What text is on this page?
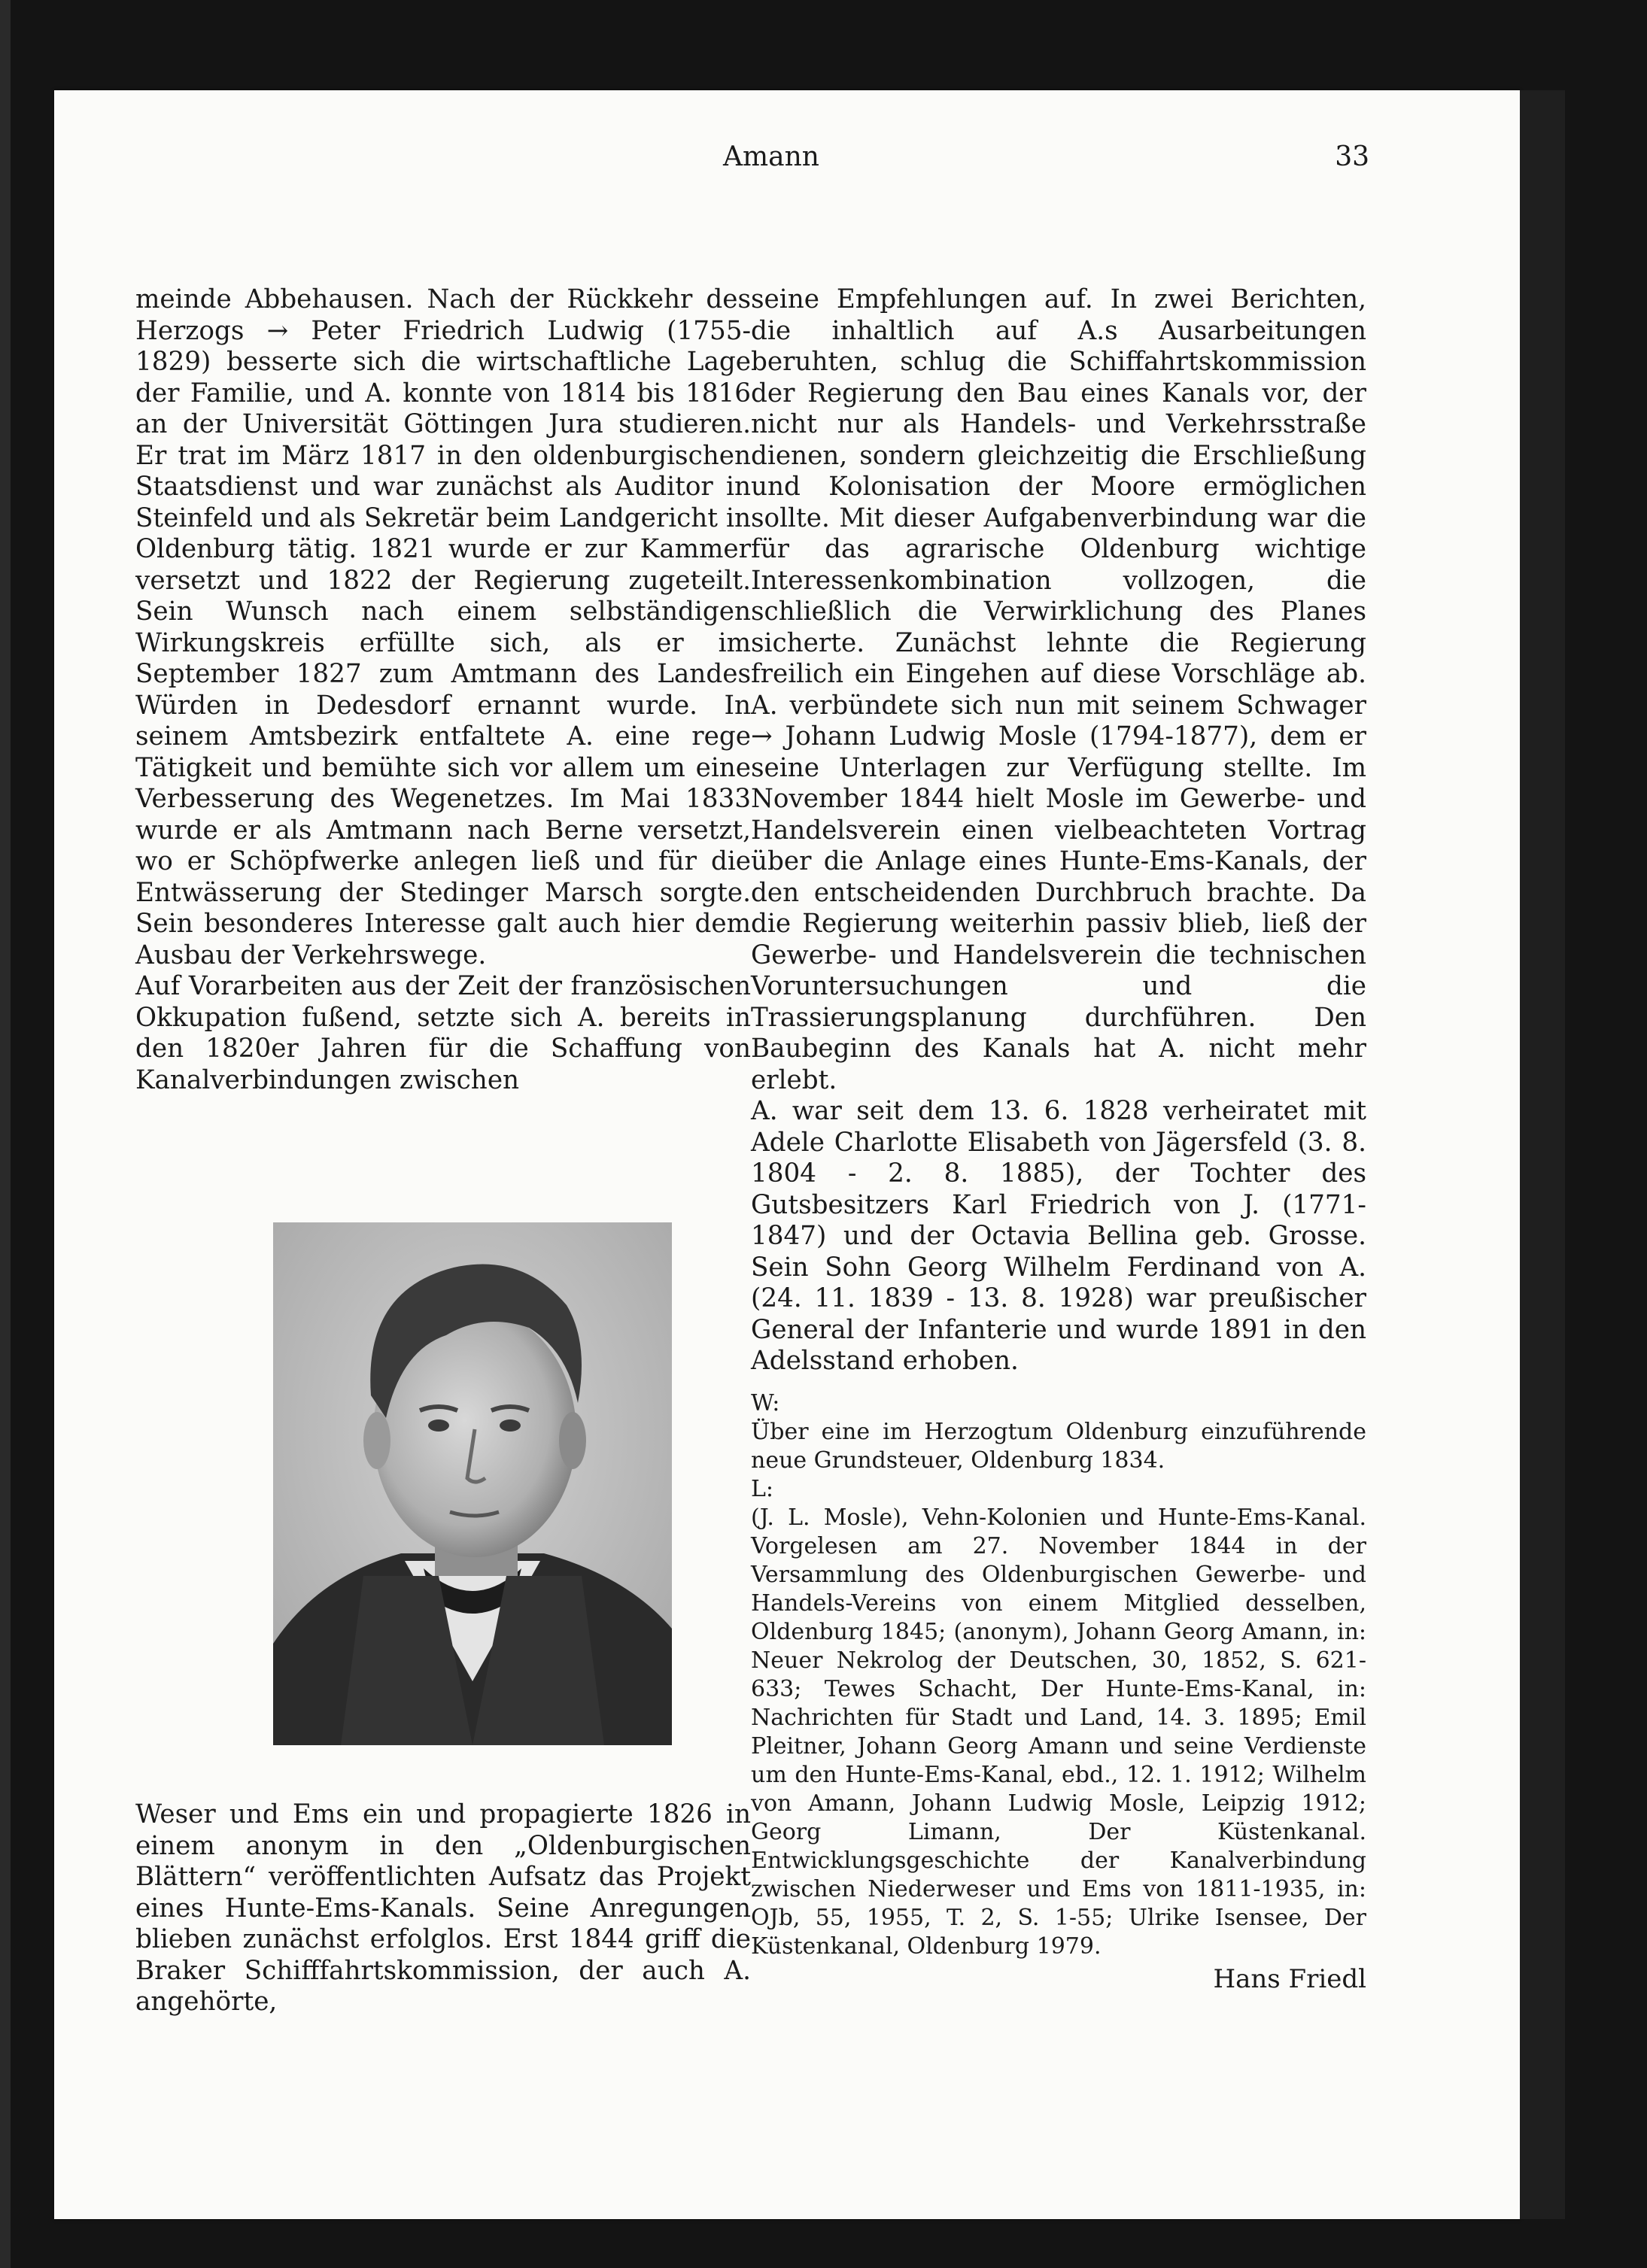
Amann	33

meinde Abbehausen. Nach der Rückkehr des Herzogs → Peter Friedrich Ludwig (1755-1829) besserte sich die wirtschaftliche Lage der Familie, und A. konnte von 1814 bis 1816 an der Universität Göttingen Jura studieren. Er trat im März 1817 in den oldenburgischen Staatsdienst und war zunächst als Auditor in Steinfeld und als Sekretär beim Landgericht in Oldenburg tätig. 1821 wurde er zur Kammer versetzt und 1822 der Regierung zugeteilt. Sein Wunsch nach einem selbständigen Wirkungskreis erfüllte sich, als er im September 1827 zum Amtmann des Landes Würden in Dedesdorf ernannt wurde. In seinem Amtsbezirk entfaltete A. eine rege Tätigkeit und bemühte sich vor allem um eine Verbesserung des Wegenetzes. Im Mai 1833 wurde er als Amtmann nach Berne versetzt, wo er Schöpfwerke anlegen ließ und für die Entwässerung der Stedinger Marsch sorgte. Sein besonderes Interesse galt auch hier dem Ausbau der Verkehrswege.

Auf Vorarbeiten aus der Zeit der französischen Okkupation fußend, setzte sich A. bereits in den 1820er Jahren für die Schaffung von Kanalverbindungen zwischen

Weser und Ems ein und propagierte 1826 in einem anonym in den „Oldenburgischen Blättern“ veröffentlichten Aufsatz das Projekt eines Hunte-Ems-Kanals. Seine Anregungen blieben zunächst erfolglos. Erst 1844 griff die Braker Schifffahrtskommission, der auch A. angehörte,

seine Empfehlungen auf. In zwei Berichten, die inhaltlich auf A.s Ausarbeitungen beruhten, schlug die Schiffahrtskommission der Regierung den Bau eines Kanals vor, der nicht nur als Handels- und Verkehrsstraße dienen, sondern gleichzeitig die Erschließung und Kolonisation der Moore ermöglichen sollte. Mit dieser Aufgabenverbindung war die für das agrarische Oldenburg wichtige Interessenkombination vollzogen, die schließlich die Verwirklichung des Planes sicherte. Zunächst lehnte die Regierung freilich ein Eingehen auf diese Vorschläge ab. A. verbündete sich nun mit seinem Schwager → Johann Ludwig Mosle (1794-1877), dem er seine Unterlagen zur Verfügung stellte. Im November 1844 hielt Mosle im Gewerbe- und Handelsverein einen vielbeachteten Vortrag über die Anlage eines Hunte-Ems-Kanals, der den entscheidenden Durchbruch brachte. Da die Regierung weiterhin passiv blieb, ließ der Gewerbe- und Handelsverein die technischen Voruntersuchungen und die Trassierungsplanung durchführen. Den Baubeginn des Kanals hat A. nicht mehr erlebt.

A. war seit dem 13. 6. 1828 verheiratet mit Adele Charlotte Elisabeth von Jägersfeld (3. 8. 1804 - 2. 8. 1885), der Tochter des Gutsbesitzers Karl Friedrich von J. (1771-1847) und der Octavia Bellina geb. Grosse. Sein Sohn Georg Wilhelm Ferdinand von A. (24. 11. 1839 - 13. 8. 1928) war preußischer General der Infanterie und wurde 1891 in den Adelsstand erhoben.

W:

Über eine im Herzogtum Oldenburg einzuführende neue Grundsteuer, Oldenburg 1834.

L:

(J. L. Mosle), Vehn-Kolonien und Hunte-Ems-Kanal. Vorgelesen am 27. November 1844 in der Versammlung des Oldenburgischen Gewerbe- und Handels-Vereins von einem Mitglied desselben, Oldenburg 1845; (anonym), Johann Georg Amann, in: Neuer Nekrolog der Deutschen, 30, 1852, S. 621-633; Tewes Schacht, Der Hunte-Ems-Kanal, in: Nachrichten für Stadt und Land, 14. 3. 1895; Emil Pleitner, Johann Georg Amann und seine Verdienste um den Hunte-Ems-Kanal, ebd., 12. 1. 1912; Wilhelm von Amann, Johann Ludwig Mosle, Leipzig 1912; Georg Limann, Der Küstenkanal. Entwicklungsgeschichte der Kanalverbindung zwischen Niederweser und Ems von 1811-1935, in: OJb, 55, 1955, T. 2, S. 1-55; Ulrike Isensee, Der Küstenkanal, Oldenburg 1979.

Hans Friedl
